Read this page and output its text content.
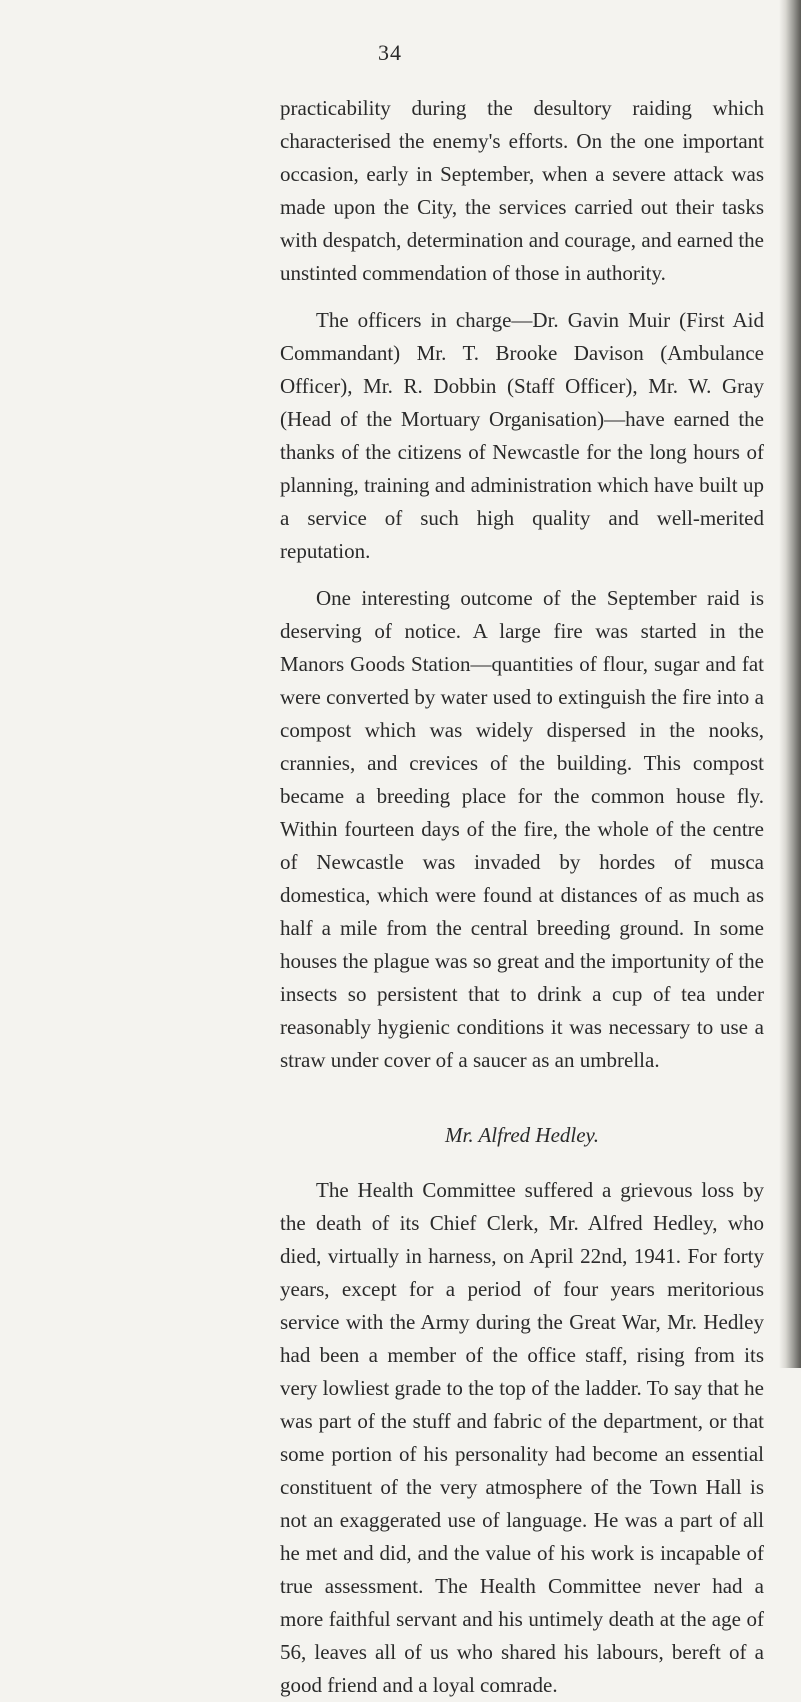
34

practicability during the desultory raiding which characterised the enemy's efforts. On the one important occasion, early in September, when a severe attack was made upon the City, the services carried out their tasks with despatch, determination and courage, and earned the unstinted commendation of those in authority.

The officers in charge—Dr. Gavin Muir (First Aid Commandant) Mr. T. Brooke Davison (Ambulance Officer), Mr. R. Dobbin (Staff Officer), Mr. W. Gray (Head of the Mortuary Organisation)—have earned the thanks of the citizens of Newcastle for the long hours of planning, training and administration which have built up a service of such high quality and well-merited reputation.

One interesting outcome of the September raid is deserving of notice. A large fire was started in the Manors Goods Station—quantities of flour, sugar and fat were converted by water used to extinguish the fire into a compost which was widely dispersed in the nooks, crannies, and crevices of the building. This compost became a breeding place for the common house fly. Within fourteen days of the fire, the whole of the centre of Newcastle was invaded by hordes of musca domestica, which were found at distances of as much as half a mile from the central breeding ground. In some houses the plague was so great and the importunity of the insects so persistent that to drink a cup of tea under reasonably hygienic conditions it was necessary to use a straw under cover of a saucer as an umbrella.

Mr. Alfred Hedley.

The Health Committee suffered a grievous loss by the death of its Chief Clerk, Mr. Alfred Hedley, who died, virtually in harness, on April 22nd, 1941. For forty years, except for a period of four years meritorious service with the Army during the Great War, Mr. Hedley had been a member of the office staff, rising from its very lowliest grade to the top of the ladder. To say that he was part of the stuff and fabric of the department, or that some portion of his personality had become an essential constituent of the very atmosphere of the Town Hall is not an exaggerated use of language. He was a part of all he met and did, and the value of his work is incapable of true assessment. The Health Committee never had a more faithful servant and his untimely death at the age of 56, leaves all of us who shared his labours, bereft of a good friend and a loyal comrade.
